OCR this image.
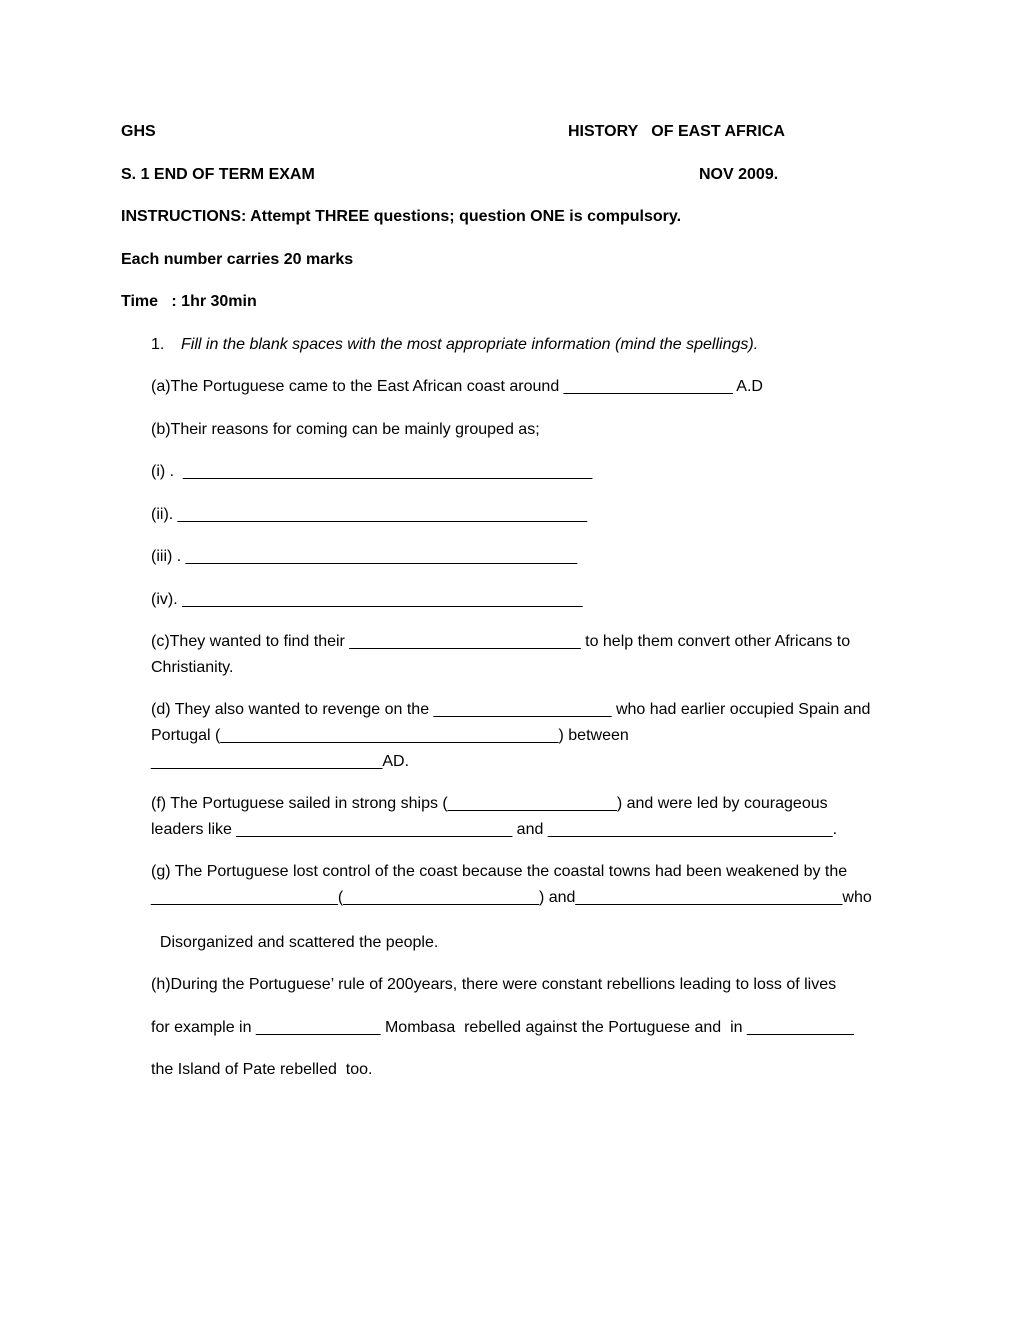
GHS	HISTORY   OF EAST AFRICA
S. 1 END OF TERM EXAM	NOV 2009.
INSTRUCTIONS: Attempt THREE questions; question ONE is compulsory.
Each number carries 20 marks
Time   : 1hr 30min
1. Fill in the blank spaces with the most appropriate information (mind the spellings).
(a)The Portuguese came to the East African coast around ___________________ A.D
(b)Their reasons for coming can be mainly grouped as;
(i) .  ______________________________________________
(ii). ______________________________________________
(iii) . ____________________________________________
(iv). _____________________________________________
(c)They wanted to find their __________________________ to help them convert other Africans to
Christianity.
(d) They also wanted to revenge on the ____________________ who had earlier occupied Spain and
Portugal (______________________________________) between
__________________________AD.
(f) The Portuguese sailed in strong ships (___________________) and were led by courageous
leaders like _______________________________ and ________________________________.
(g) The Portuguese lost control of the coast because the coastal towns had been weakened by the
_____________________(______________________) and______________________________who
Disorganized and scattered the people.
(h)During the Portuguese’ rule of 200years, there were constant rebellions leading to loss of lives
for example in ______________ Mombasa  rebelled against the Portuguese and  in ____________
the Island of Pate rebelled  too.
